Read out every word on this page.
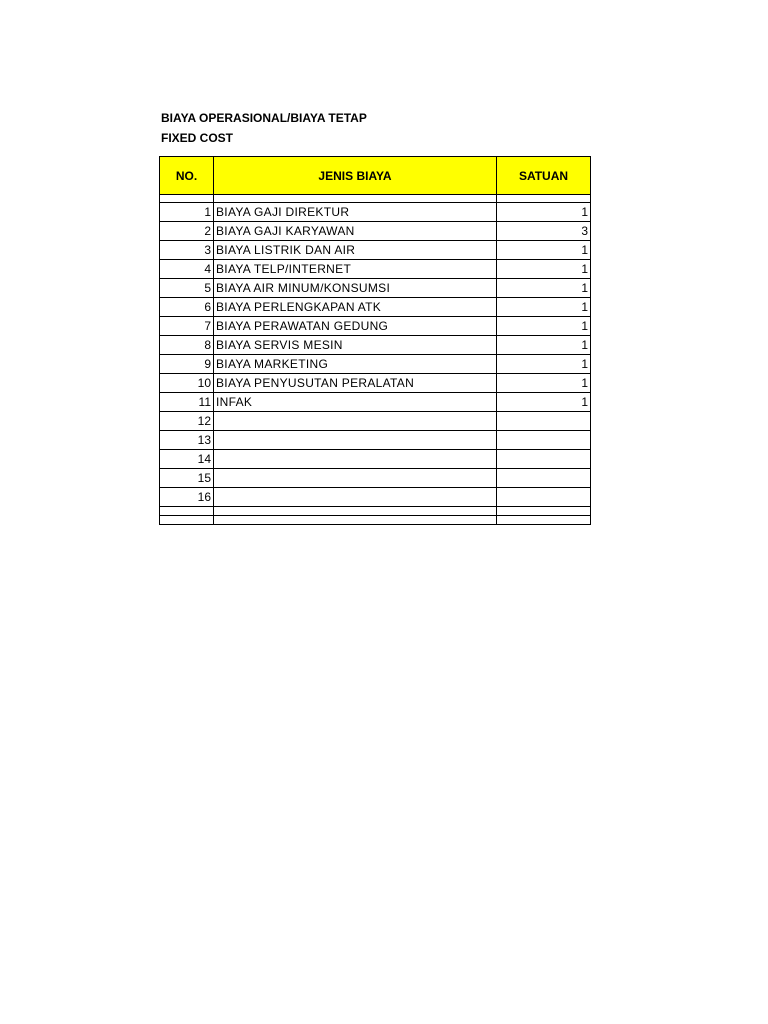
BIAYA OPERASIONAL/BIAYA TETAP
FIXED COST
NO.	JENIS BIAYA	SATUAN

1	BIAYA GAJI DIREKTUR	1
2	BIAYA GAJI KARYAWAN	3
3	BIAYA LISTRIK DAN AIR	1
4	BIAYA TELP/INTERNET	1
5	BIAYA AIR MINUM/KONSUMSI	1
6	BIAYA PERLENGKAPAN ATK	1
7	BIAYA PERAWATAN GEDUNG	1
8	BIAYA SERVIS MESIN	1
9	BIAYA MARKETING	1
10	BIAYA PENYUSUTAN PERALATAN	1
11	INFAK	1
12		
13		
14		
15		
16		
